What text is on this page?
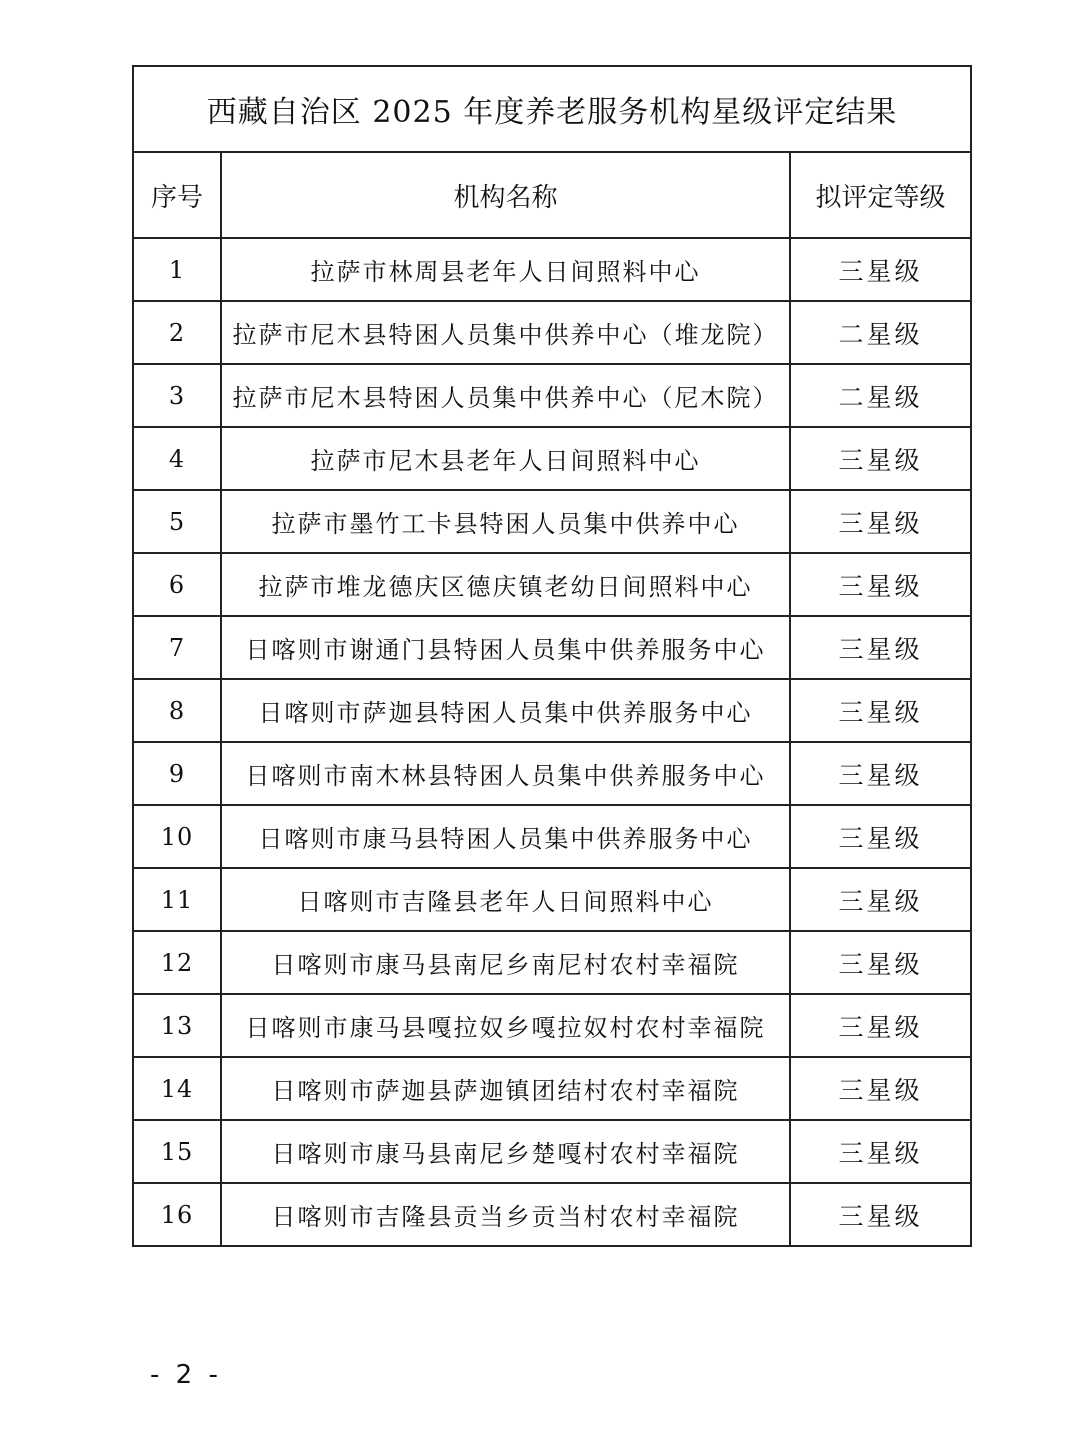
西藏自治区 2025 年度养老服务机构星级评定结果		
序号	机构名称	拟评定等级
1	拉萨市林周县老年人日间照料中心	三星级
2	拉萨市尼木县特困人员集中供养中心（堆龙院）	二星级
3	拉萨市尼木县特困人员集中供养中心（尼木院）	二星级
4	拉萨市尼木县老年人日间照料中心	三星级
5	拉萨市墨竹工卡县特困人员集中供养中心	三星级
6	拉萨市堆龙德庆区德庆镇老幼日间照料中心	三星级
7	日喀则市谢通门县特困人员集中供养服务中心	三星级
8	日喀则市萨迦县特困人员集中供养服务中心	三星级
9	日喀则市南木林县特困人员集中供养服务中心	三星级
10	日喀则市康马县特困人员集中供养服务中心	三星级
11	日喀则市吉隆县老年人日间照料中心	三星级
12	日喀则市康马县南尼乡南尼村农村幸福院	三星级
13	日喀则市康马县嘎拉奴乡嘎拉奴村农村幸福院	三星级
14	日喀则市萨迦县萨迦镇团结村农村幸福院	三星级
15	日喀则市康马县南尼乡楚嘎村农村幸福院	三星级
16	日喀则市吉隆县贡当乡贡当村农村幸福院	三星级
- 2 -
